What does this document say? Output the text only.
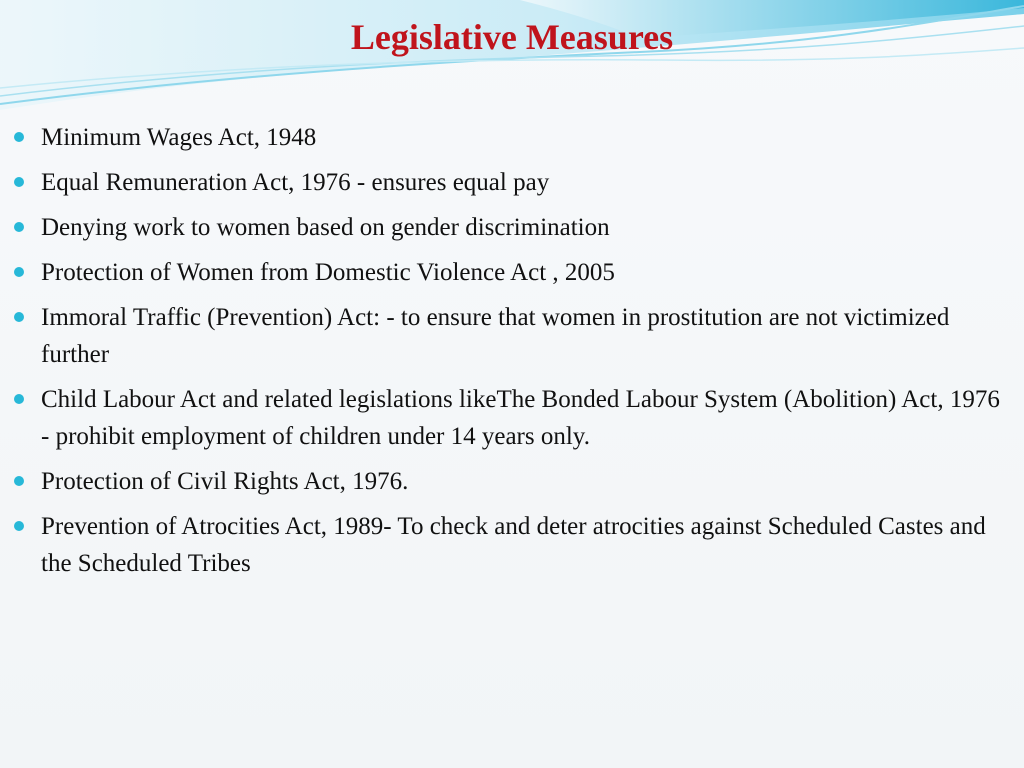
Legislative Measures
Minimum Wages Act, 1948
Equal Remuneration Act, 1976 - ensures equal pay
Denying work to women based on gender discrimination
Protection of Women from Domestic Violence Act , 2005
Immoral Traffic (Prevention) Act: - to ensure that women in prostitution are not victimized further
Child Labour Act and related legislations likeThe Bonded Labour System (Abolition) Act, 1976 - prohibit employment of children under 14 years only.
Protection of Civil Rights Act, 1976.
Prevention of Atrocities Act, 1989- To check and deter atrocities against Scheduled Castes and the Scheduled Tribes
